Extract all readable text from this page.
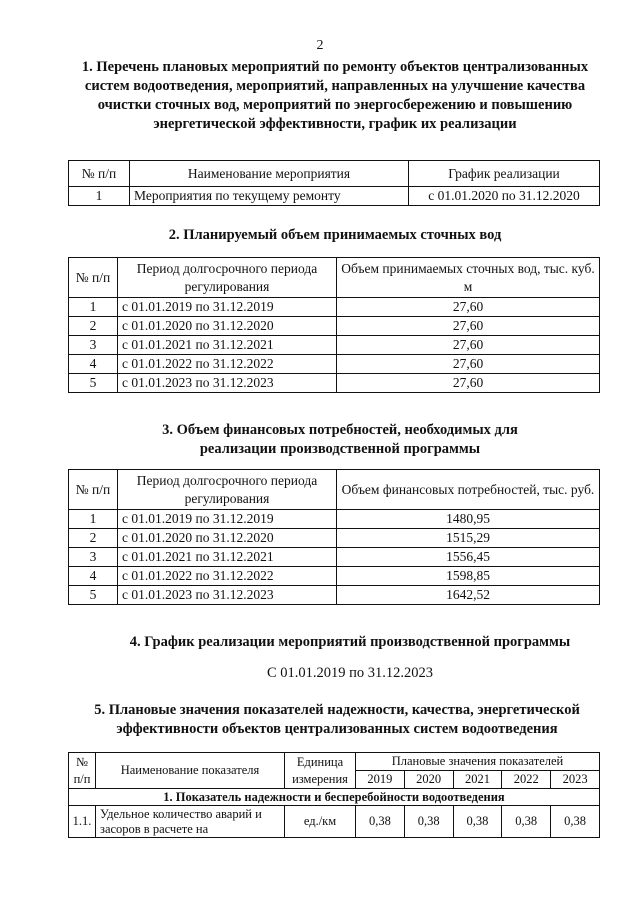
2
1. Перечень плановых мероприятий по ремонту объектов централизованных систем водоотведения, мероприятий, направленных на улучшение качества очистки сточных вод, мероприятий по энергосбережению и повышению энергетической эффективности, график их реализации
№ п/п	Наименование мероприятия	График реализации
1	Мероприятия по текущему ремонту	с 01.01.2020 по 31.12.2020
2. Планируемый объем принимаемых сточных вод
№ п/п	Период долгосрочного периода регулирования	Объем принимаемых сточных вод, тыс. куб. м
1	с 01.01.2019 по 31.12.2019	27,60
2	с 01.01.2020 по 31.12.2020	27,60
3	с 01.01.2021 по 31.12.2021	27,60
4	с 01.01.2022 по 31.12.2022	27,60
5	с 01.01.2023 по 31.12.2023	27,60
3. Объем финансовых потребностей, необходимых для реализации производственной программы
№ п/п	Период долгосрочного периода регулирования	Объем финансовых потребностей, тыс. руб.
1	с 01.01.2019 по 31.12.2019	1480,95
2	с 01.01.2020 по 31.12.2020	1515,29
3	с 01.01.2021 по 31.12.2021	1556,45
4	с 01.01.2022 по 31.12.2022	1598,85
5	с 01.01.2023 по 31.12.2023	1642,52
4. График реализации мероприятий производственной программы
С 01.01.2019 по 31.12.2023
5. Плановые значения показателей надежности, качества, энергетической эффективности объектов централизованных систем водоотведения
№ п/п	Наименование показателя	Единица измерения	Плановые значения показателей				
			2019	2020	2021	2022	2023
1. Показатель надежности и бесперебойности водоотведения							
1.1.	Удельное количество аварий и засоров в расчете на	ед./км	0,38	0,38	0,38	0,38	0,38
